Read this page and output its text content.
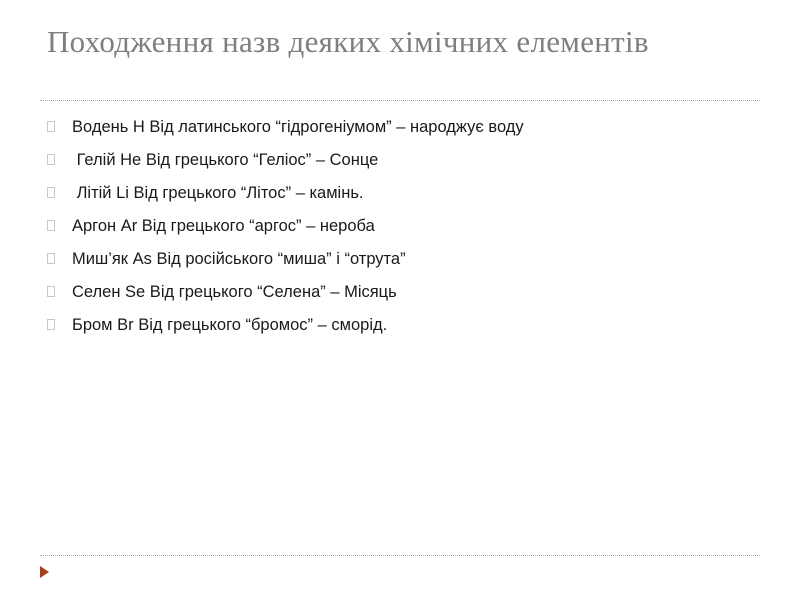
Походження назв деяких хімічних елементів
Водень H Від латинського “гідрогеніумом” – народжує воду
Гелій He Від грецького “Геліос” – Сонце
Літій Li Від грецького “Літос” – камінь.
Аргон Ar Від грецького “аргос” – нероба
Миш’як As Від російського “миша” і “отрута”
Селен Se Від грецького “Селена” – Місяць
Бром Br Від грецького “бромос” – сморід.
